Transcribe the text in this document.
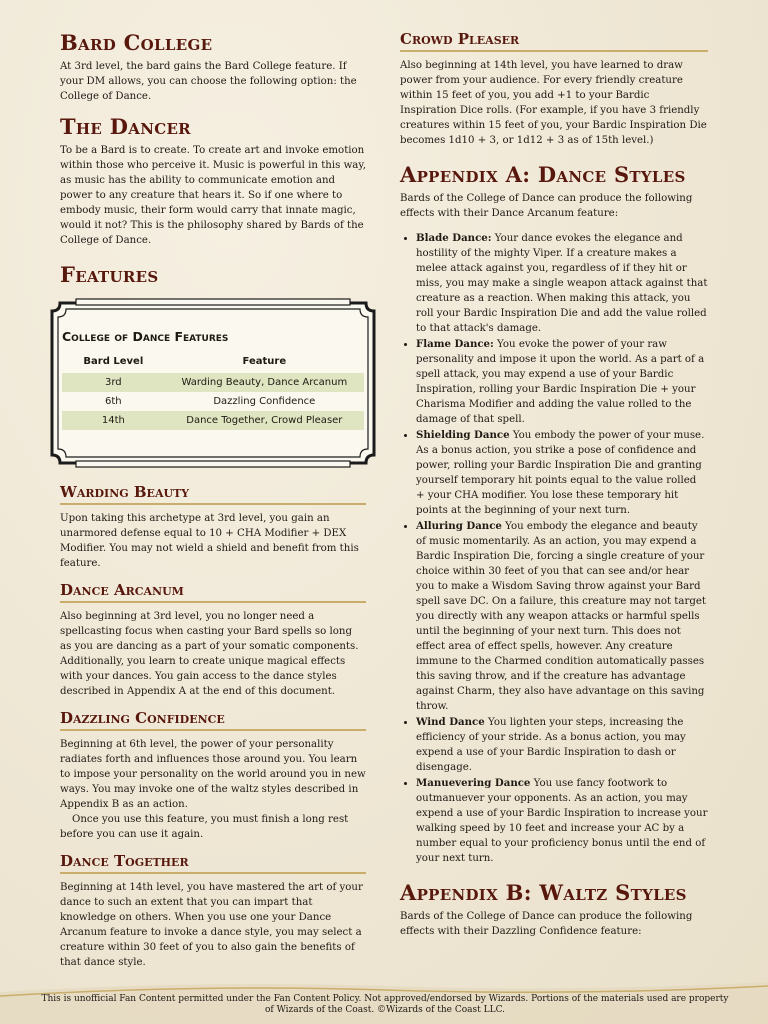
Bard College

At 3rd level, the bard gains the Bard College feature. If your DM allows, you can choose the following option: the College of Dance.

The Dancer

To be a Bard is to create. To create art and invoke emotion within those who perceive it. Music is powerful in this way, as music has the ability to communicate emotion and power to any creature that hears it. So if one where to embody music, their form would carry that innate magic, would it not? This is the philosophy shared by Bards of the College of Dance.

Features
College of Dance Features
Bard Level	Feature
3rd	Warding Beauty, Dance Arcanum
6th	Dazzling Confidence
14th	Dance Together, Crowd Pleaser
Warding Beauty

Upon taking this archetype at 3rd level, you gain an unarmored defense equal to 10 + CHA Modifier + DEX Modifier. You may not wield a shield and benefit from this feature.

Dance Arcanum

Also beginning at 3rd level, you no longer need a spellcasting focus when casting your Bard spells so long as you are dancing as a part of your somatic components. Additionally, you learn to create unique magical effects with your dances. You gain access to the dance styles described in Appendix A at the end of this document.

Dazzling Confidence

Beginning at 6th level, the power of your personality radiates forth and influences those around you. You learn to impose your personality on the world around you in new ways. You may invoke one of the waltz styles described in Appendix B as an action.

Once you use this feature, you must finish a long rest before you can use it again.

Dance Together

Beginning at 14th level, you have mastered the art of your dance to such an extent that you can impart that knowledge on others. When you use one your Dance Arcanum feature to invoke a dance style, you may select a creature within 30 feet of you to also gain the benefits of that dance style.

Crowd Pleaser

Also beginning at 14th level, you have learned to draw power from your audience. For every friendly creature within 15 feet of you, you add +1 to your Bardic Inspiration Dice rolls. (For example, if you have 3 friendly creatures within 15 feet of you, your Bardic Inspiration Die becomes 1d10 + 3, or 1d12 + 3 as of 15th level.)

Appendix A: Dance Styles

Bards of the College of Dance can produce the following effects with their Dance Arcanum feature:

• Blade Dance: Your dance evokes the elegance and hostility of the mighty Viper. If a creature makes a melee attack against you, regardless of if they hit or miss, you may make a single weapon attack against that creature as a reaction. When making this attack, you roll your Bardic Inspiration Die and add the value rolled to that attack's damage.
• Flame Dance: You evoke the power of your raw personality and impose it upon the world. As a part of a spell attack, you may expend a use of your Bardic Inspiration, rolling your Bardic Inspiration Die + your Charisma Modifier and adding the value rolled to the damage of that spell.
• Shielding Dance You embody the power of your muse. As a bonus action, you strike a pose of confidence and power, rolling your Bardic Inspiration Die and granting yourself temporary hit points equal to the value rolled + your CHA modifier. You lose these temporary hit points at the beginning of your next turn.
• Alluring Dance You embody the elegance and beauty of music momentarily. As an action, you may expend a Bardic Inspiration Die, forcing a single creature of your choice within 30 feet of you that can see and/or hear you to make a Wisdom Saving throw against your Bard spell save DC. On a failure, this creature may not target you directly with any weapon attacks or harmful spells until the beginning of your next turn. This does not effect area of effect spells, however. Any creature immune to the Charmed condition automatically passes this saving throw, and if the creature has advantage against Charm, they also have advantage on this saving throw.
• Wind Dance You lighten your steps, increasing the efficiency of your stride. As a bonus action, you may expend a use of your Bardic Inspiration to dash or disengage.
• Manuevering Dance You use fancy footwork to outmanuever your opponents. As an action, you may expend a use of your Bardic Inspiration to increase your walking speed by 10 feet and increase your AC by a number equal to your proficiency bonus until the end of your next turn.
Appendix B: Waltz Styles

Bards of the College of Dance can produce the following effects with their Dazzling Confidence feature:

This is unofficial Fan Content permitted under the Fan Content Policy. Not approved/endorsed by Wizards. Portions of the materials used are property of Wizards of the Coast. ©Wizards of the Coast LLC.
